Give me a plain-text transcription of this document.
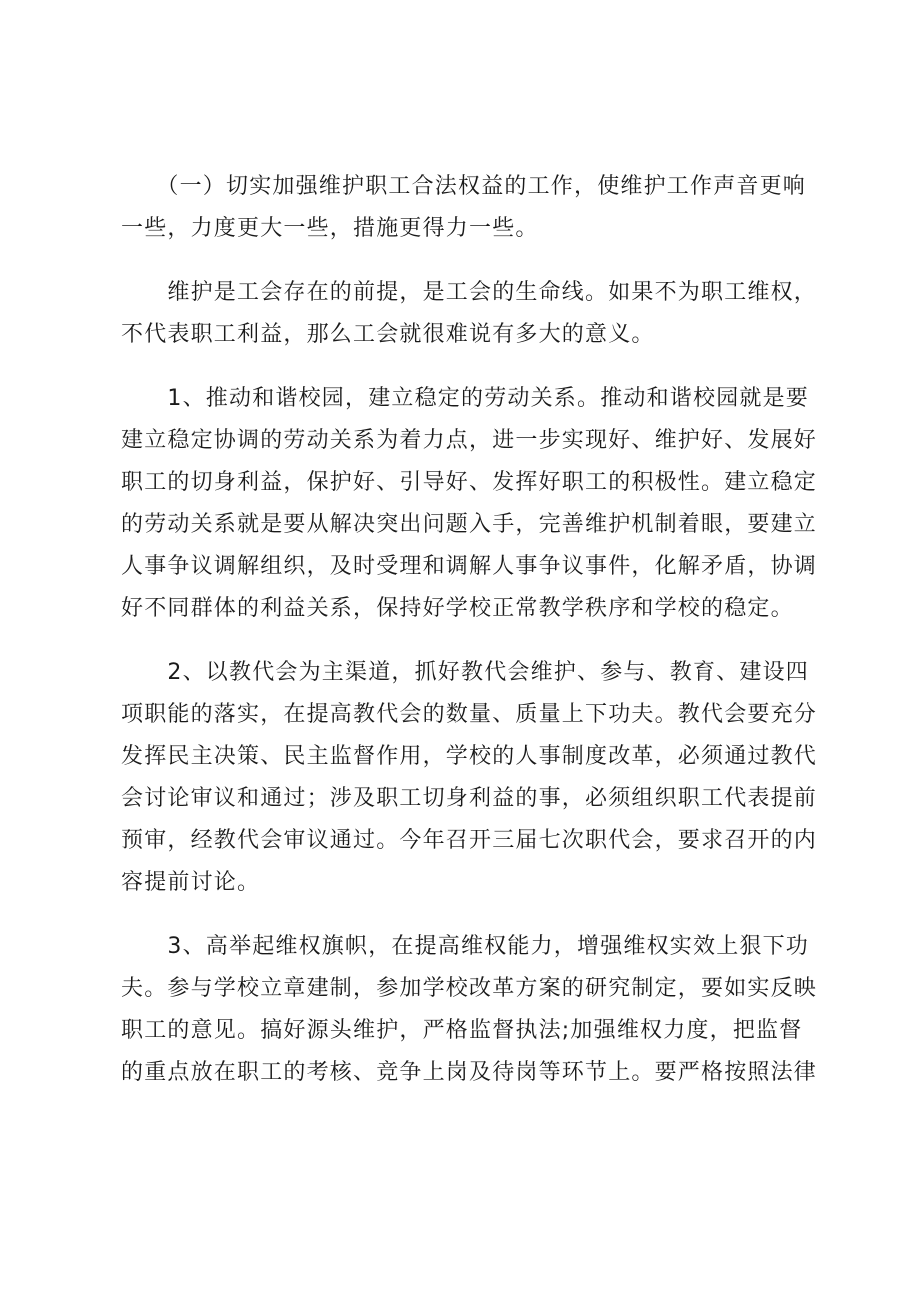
　　（一）切实加强维护职工合法权益的工作，使维护工作声音更响
一些，力度更大一些，措施更得力一些。
　　维护是工会存在的前提，是工会的生命线。如果不为职工维权，
不代表职工利益，那么工会就很难说有多大的意义。
　　1、推动和谐校园，建立稳定的劳动关系。推动和谐校园就是要
建立稳定协调的劳动关系为着力点，进一步实现好、维护好、发展好
职工的切身利益，保护好、引导好、发挥好职工的积极性。建立稳定
的劳动关系就是要从解决突出问题入手，完善维护机制着眼，要建立
人事争议调解组织，及时受理和调解人事争议事件，化解矛盾，协调
好不同群体的利益关系，保持好学校正常教学秩序和学校的稳定。
　　2、以教代会为主渠道，抓好教代会维护、参与、教育、建设四
项职能的落实，在提高教代会的数量、质量上下功夫。教代会要充分
发挥民主决策、民主监督作用，学校的人事制度改革，必须通过教代
会讨论审议和通过；涉及职工切身利益的事，必须组织职工代表提前
预审，经教代会审议通过。今年召开三届七次职代会，要求召开的内
容提前讨论。
　　3、高举起维权旗帜，在提高维权能力，增强维权实效上狠下功
夫。参与学校立章建制，参加学校改革方案的研究制定，要如实反映
职工的意见。搞好源头维护，严格监督执法;加强维权力度，把监督
的重点放在职工的考核、竞争上岗及待岗等环节上。要严格按照法律
